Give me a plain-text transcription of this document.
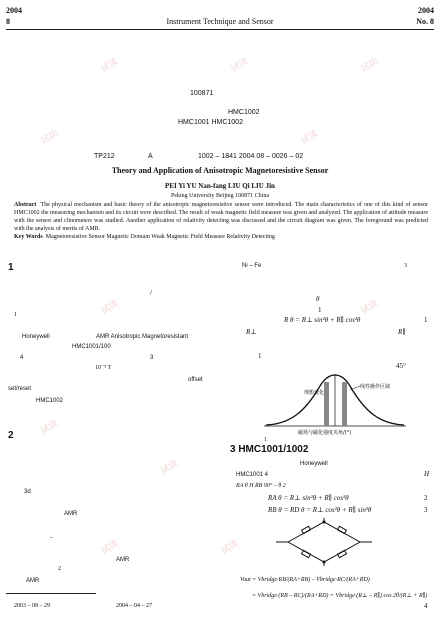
2004
8	Instrument Technique and Sensor
2004
No. 8
100871
HMC1002
HMC1001 HMC1002
TP212	A	1002 – 1841 2004 08 – 0026 – 02
Theory and Application of Anisotropic Magnetoresistive Sensor
PEI Yi YU Nan-fang LIU Qi LIU Jin
Peking University Beijing 100871 China

Abstract The physical mechanism and basic theory of the anisotropic magnetoresistive sensor were introduced. The main characteristics of one of this kind of sensor HMC1002 the measuring mechanism and its circuit were described. The result of weak magnetic field measure was given and analyzed. The application of attitude measure with the sensor and clinometers was studied. Another application of relativity detecting was discussed and the circuit diagram was given. The foreground was predicted with the analysis of merits of AMR.

Key Words Magnetoresistive Sensor Magnetic Domain Weak Magnetic Field Measure Relativity Detecting

1
1
/
Honeywell	AMR Anisotropic Magnetoresistant
HMC1001/100
4	3
10⁻⁹ T
offset
set/reset
HMC1002
2
3d
AMR
–
AMR
2
AMR
2003 – 08 – 29	2004 – 04 – 27
Ni – Fe	3
θ
1
R θ = R⊥ sin²θ + R∥ cos²θ	1
R⊥	R∥
1
45°
理想变化
线性操作区域
磁场与磁化强度夹角/(°)
1
3 HMC1001/1002
Honeywell
HMC1001 4	H
RA θ H RB 90° – θ 2
RA θ = R⊥ sin²θ + R∥ cos²θ	2
RB θ = RD θ = R⊥ cos²θ + R∥ sin²θ	3
Vout = Vbridge·RB/(RA+RB) – Vbridge·RC/(RA+RD)
= Vbridge·(RB – RC)/(RA+RD) = Vbridge·(R⊥ – R∥) cos 2θ/(R⊥ + R∥)
4
试读	试读	试读
试读	试读
试读	试读
试读
试读
试读	试读
